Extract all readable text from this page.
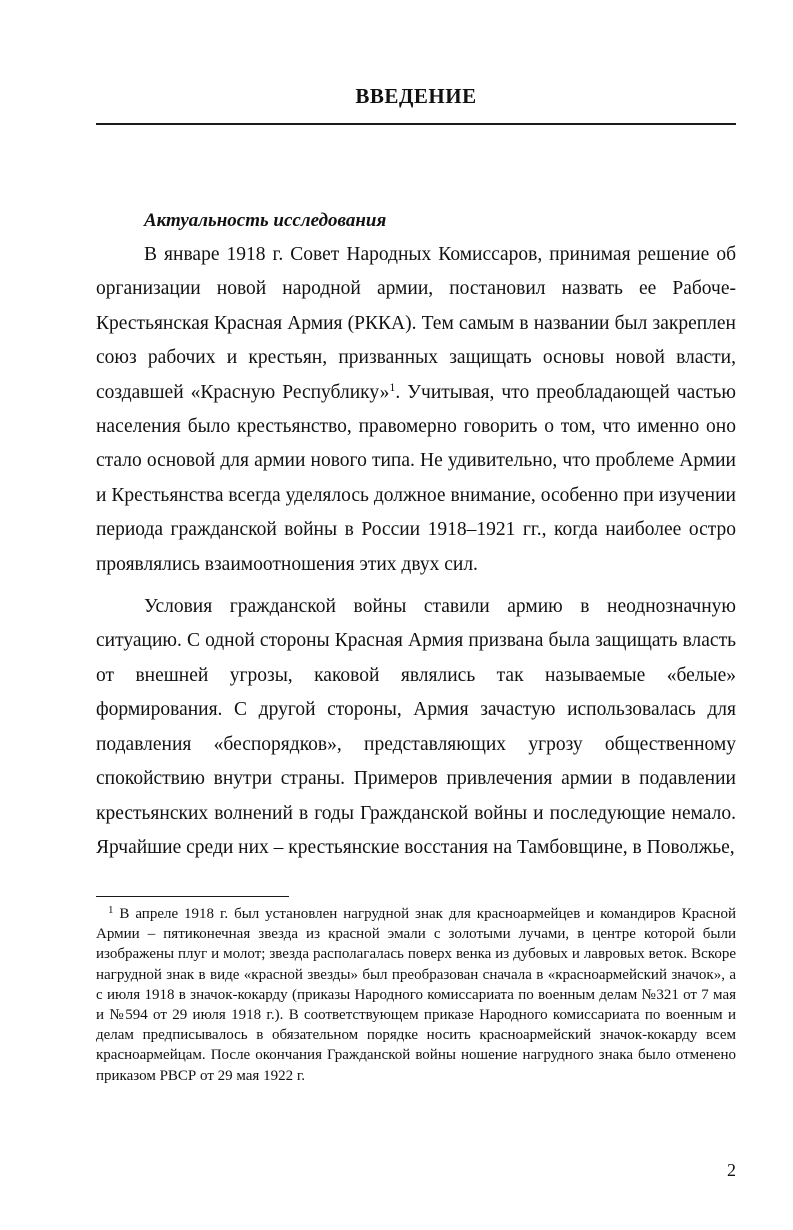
ВВЕДЕНИЕ
Актуальность исследования

В январе 1918 г. Совет Народных Комиссаров, принимая решение об организации новой народной армии, постановил назвать ее Рабоче-Крестьянская Красная Армия (РККА). Тем самым в названии был закреплен союз рабочих и крестьян, призванных защищать основы новой власти, создавшей «Красную Республику»$^1$. Учитывая, что преобладающей частью населения было крестьянство, правомерно говорить о том, что именно оно стало основой для армии нового типа. Не удивительно, что проблеме Армии и Крестьянства всегда уделялось должное внимание, особенно при изучении периода гражданской войны в России 1918–1921 гг., когда наиболее остро проявлялись взаимоотношения этих двух сил.

Условия гражданской войны ставили армию в неоднозначную ситуацию. С одной стороны Красная Армия призвана была защищать власть от внешней угрозы, каковой являлись так называемые «белые» формирования. С другой стороны, Армия зачастую использовалась для подавления «беспорядков», представляющих угрозу общественному спокойствию внутри страны. Примеров привлечения армии в подавлении крестьянских волнений в годы Гражданской войны и последующие немало. Ярчайшие среди них – крестьянские восстания на Тамбовщине, в Поволжье,

$^1$ В апреле 1918 г. был установлен нагрудной знак для красноармейцев и командиров Красной Армии – пятиконечная звезда из красной эмали с золотыми лучами, в центре которой были изображены плуг и молот; звезда располагалась поверх венка из дубовых и лавровых веток. Вскоре нагрудной знак в виде «красной звезды» был преобразован сначала в «красноармейский значок», а с июля 1918 в значок-кокарду (приказы Народного комиссариата по военным делам №321 от 7 мая и №594 от 29 июля 1918 г.). В соответствующем приказе Народного комиссариата по военным и делам предписывалось в обязательном порядке носить красноармейский значок-кокарду всем красноармейцам. После окончания Гражданской войны ношение нагрудного знака было отменено приказом РВСР от 29 мая 1922 г.

2
